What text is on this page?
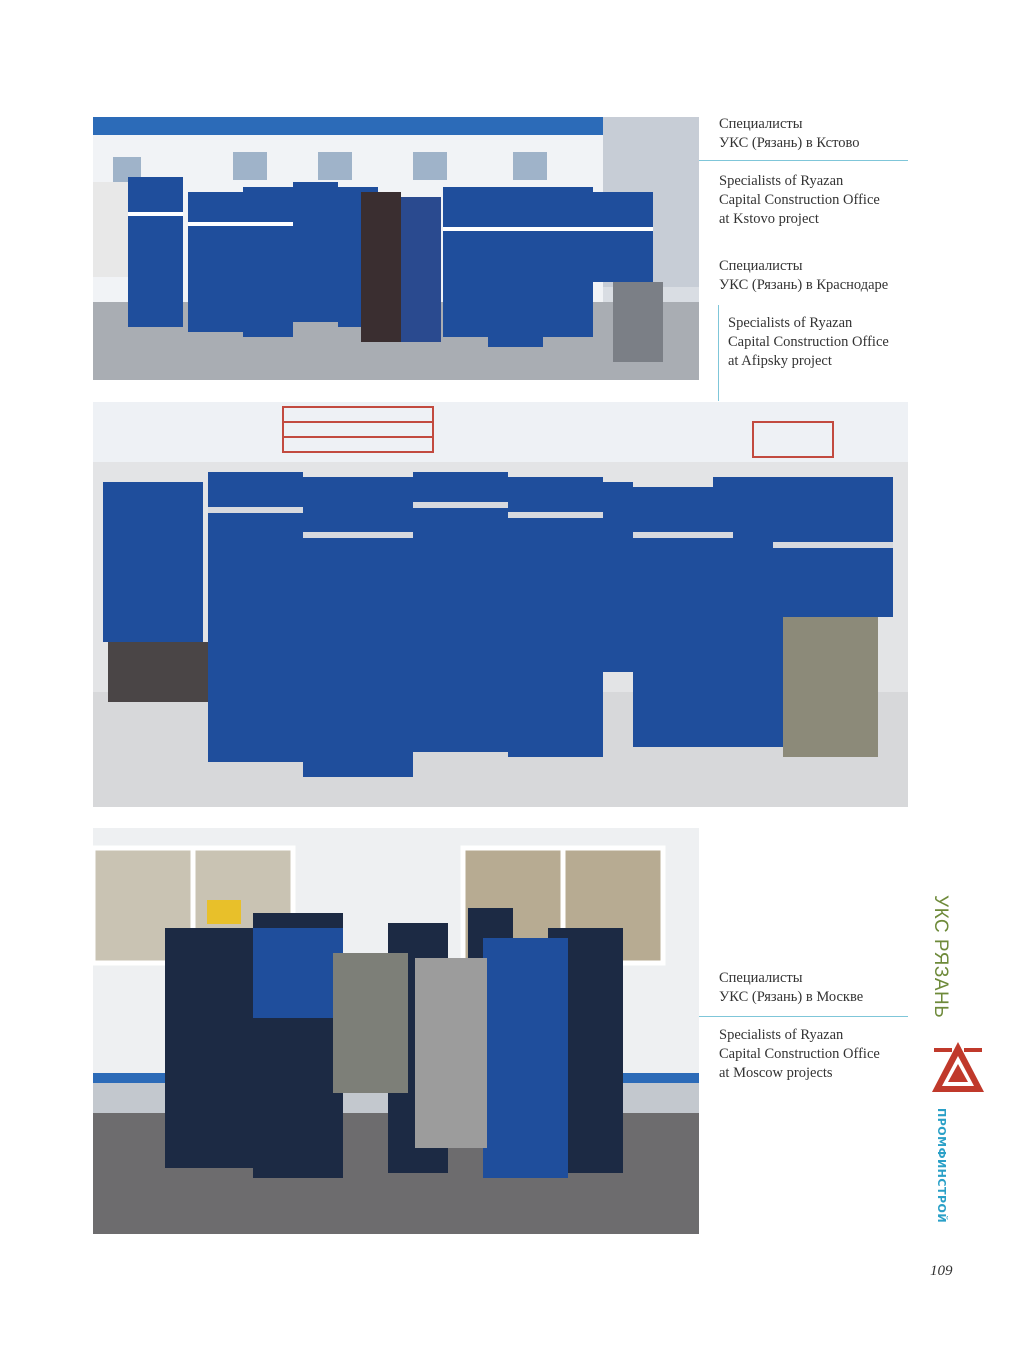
Специалисты
УКС (Рязань) в Кстово
Specialists of Ryazan
Capital Construction Office
at Kstovo project
Специалисты
УКС (Рязань) в Краснодаре
Specialists of Ryazan
Capital Construction Office
at Afipsky project
Специалисты
УКС (Рязань) в Москве
Specialists of Ryazan
Capital Construction Office
at Moscow projects
УКС РЯЗАНЬ
ПРОМФИНСТРОЙ
109
